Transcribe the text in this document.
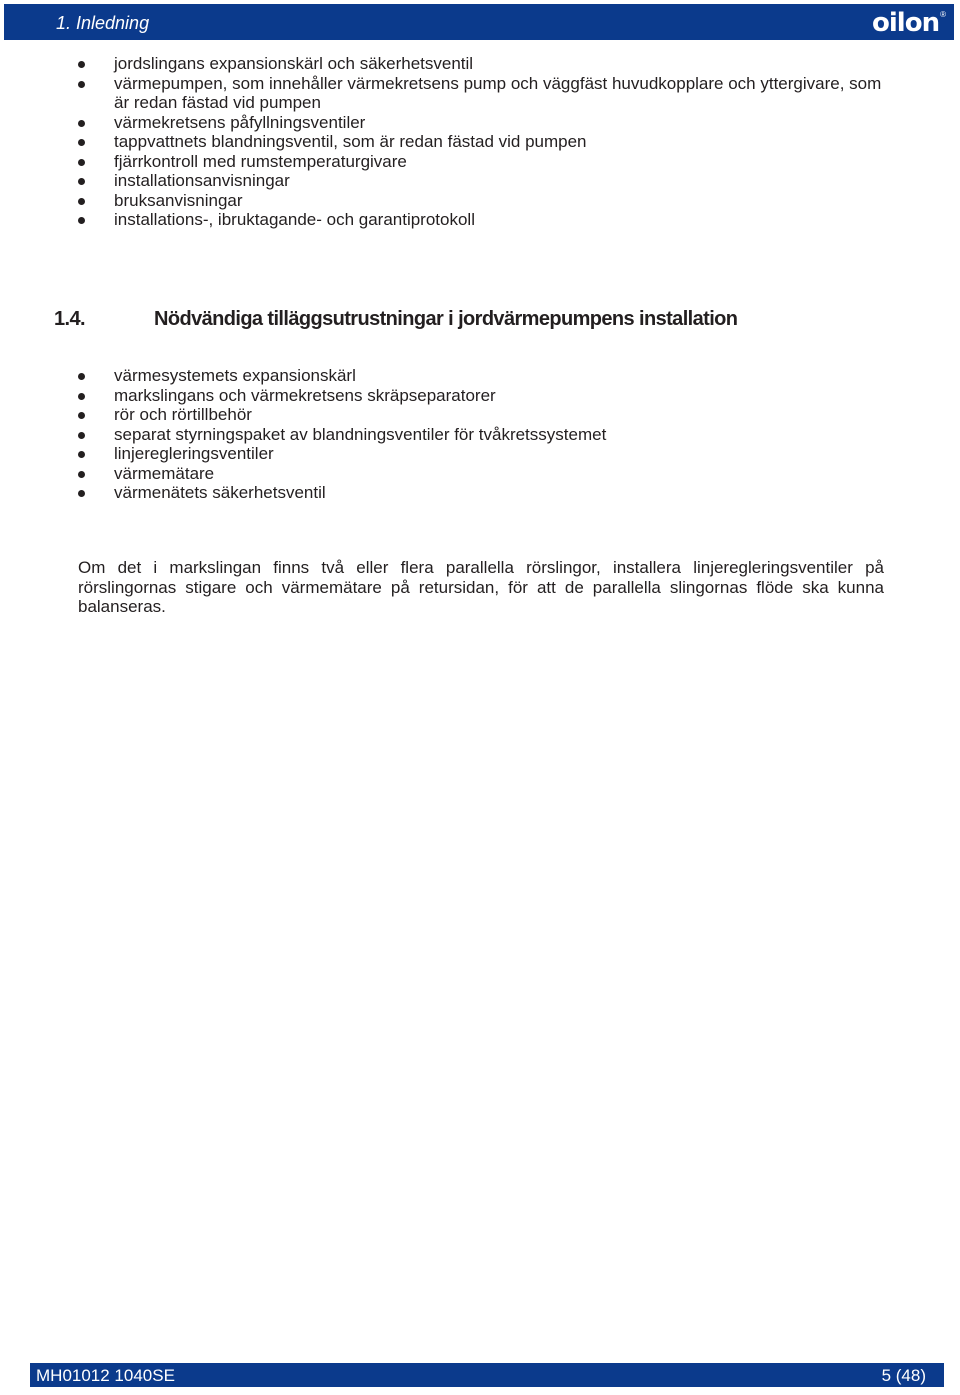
1. Inledning	oilon ®
jordslingans expansionskärl och säkerhetsventil
värmepumpen, som innehåller värmekretsens pump och väggfäst huvudkopplare och yttergivare, som är redan fästad vid pumpen
värmekretsens påfyllningsventiler
tappvattnets blandningsventil, som är redan fästad vid pumpen
fjärrkontroll med rumstemperaturgivare
installationsanvisningar
bruksanvisningar
installations-, ibruktagande- och garantiprotokoll
1.4.	Nödvändiga tilläggsutrustningar i jordvärmepumpens installation
värmesystemets expansionskärl
markslingans och värmekretsens skräpseparatorer
rör och rörtillbehör
separat styrningspaket av blandningsventiler för tvåkretssystemet
linjeregleringsventiler
värmemätare
värmenätets säkerhetsventil

Om det i markslingan finns två eller flera parallella rörslingor, installera linjeregleringsventiler på rörslingornas stigare och värmemätare på retursidan, för att de parallella slingornas flöde ska kunna balanseras.

MH01012 1040SE	5 (48)
